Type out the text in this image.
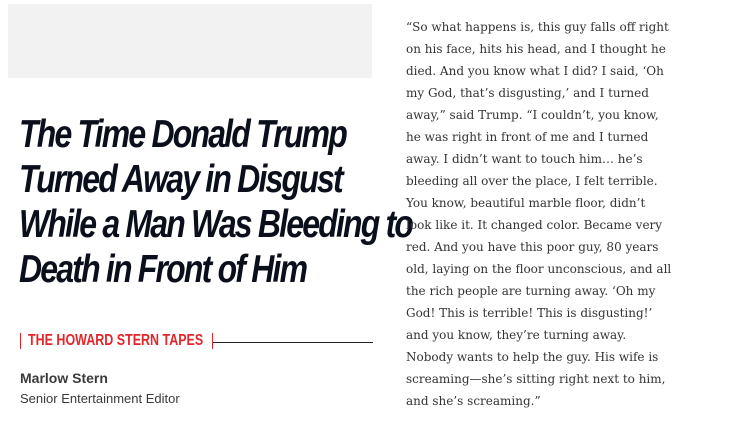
The Time Donald Trump
Turned Away in Disgust
While a Man Was Bleeding to
Death in Front of Him
THE HOWARD STERN TAPES
Marlow Stern
Senior Entertainment Editor

“So what happens is, this guy falls off right
on his face, hits his head, and I thought he
died. And you know what I did? I said, ‘Oh
my God, that’s disgusting,’ and I turned
away,” said Trump. “I couldn’t, you know,
he was right in front of me and I turned
away. I didn’t want to touch him… he’s
bleeding all over the place, I felt terrible.
You know, beautiful marble floor, didn’t
look like it. It changed color. Became very
red. And you have this poor guy, 80 years
old, laying on the floor unconscious, and all
the rich people are turning away. ‘Oh my
God! This is terrible! This is disgusting!’
and you know, they’re turning away.
Nobody wants to help the guy. His wife is
screaming—she’s sitting right next to him,
and she’s screaming.”
